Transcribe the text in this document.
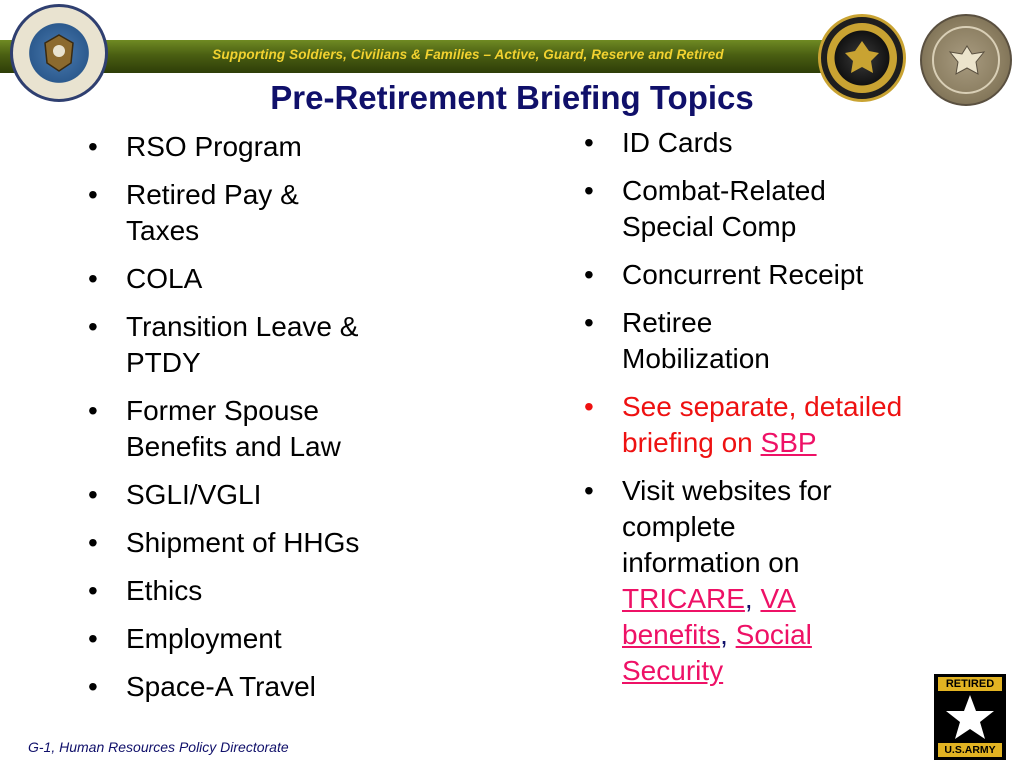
Supporting Soldiers, Civilians & Families – Active, Guard, Reserve and Retired
Pre-Retirement Briefing Topics
• RSO Program
• Retired Pay & Taxes
• COLA
• Transition Leave & PTDY
• Former Spouse Benefits and Law
• SGLI/VGLI
• Shipment of HHGs
• Ethics
• Employment
• Space-A Travel
• ID Cards
• Combat-Related Special Comp
• Concurrent Receipt
• Retiree Mobilization
• See separate, detailed briefing on SBP
• Visit websites for complete information on TRICARE, VA benefits, Social Security
G-1, Human Resources Policy Directorate
RETIRED
U.S.ARMY
